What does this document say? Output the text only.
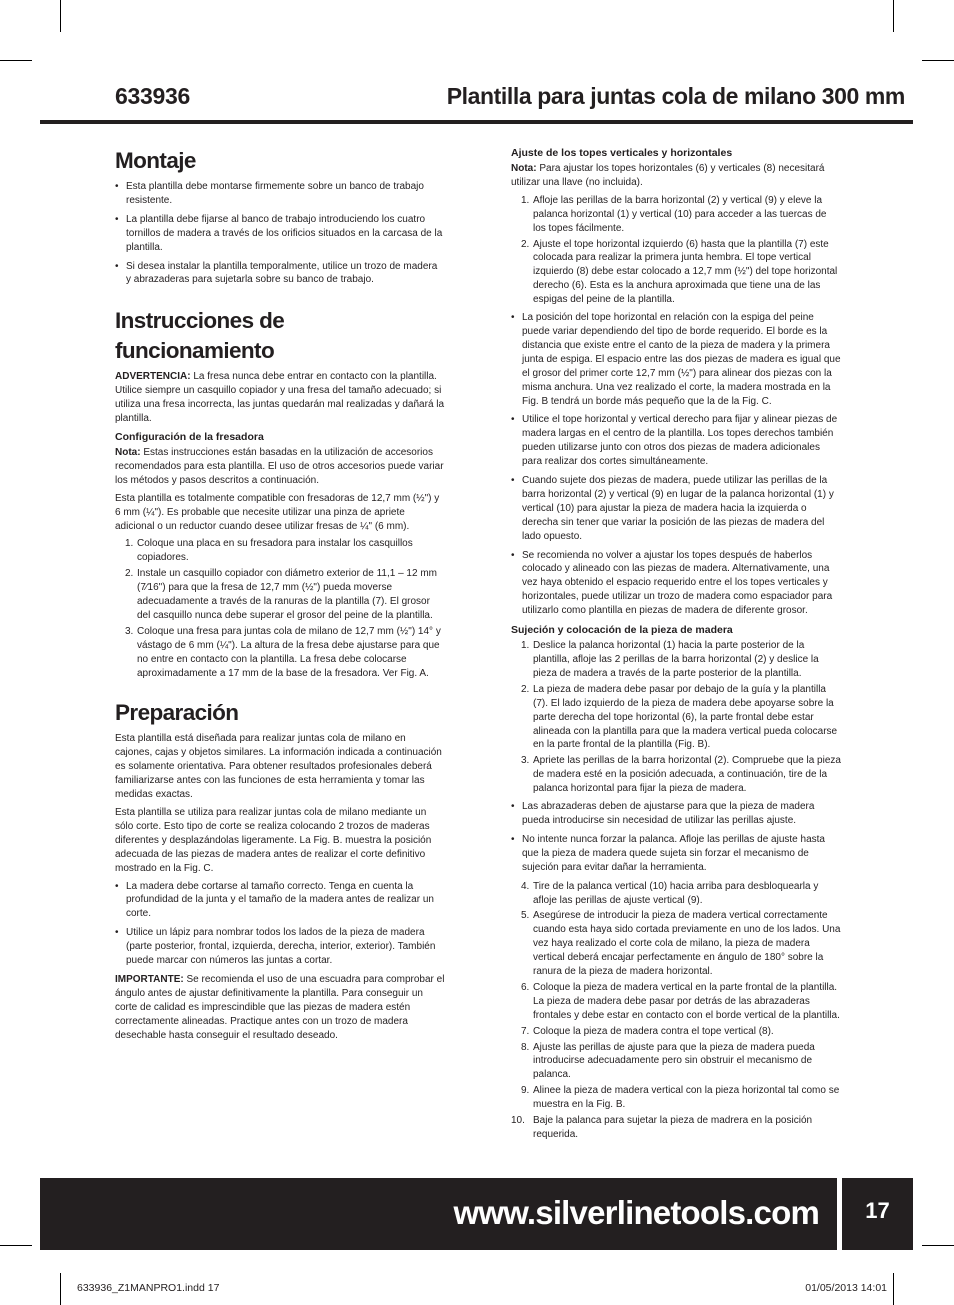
633936	Plantilla para juntas cola de milano 300 mm
Montaje
• Esta plantilla debe montarse firmemente sobre un banco de trabajo resistente.
• La plantilla debe fijarse al banco de trabajo introduciendo los cuatro tornillos de madera a través de los orificios situados en la carcasa de la plantilla.
• Si desea instalar la plantilla temporalmente, utilice un trozo de madera y abrazaderas para sujetarla sobre su banco de trabajo.
Instrucciones de funcionamiento

ADVERTENCIA: La fresa nunca debe entrar en contacto con la plantilla. Utilice siempre un casquillo copiador y una fresa del tamaño adecuado; si utiliza una fresa incorrecta, las juntas quedarán mal realizadas y dañará la plantilla.

Configuración de la fresadora

Nota: Estas instrucciones están basadas en la utilización de accesorios recomendados para esta plantilla. El uso de otros accesorios puede variar los métodos y pasos descritos a continuación.

Esta plantilla es totalmente compatible con fresadoras de 12,7 mm (½") y 6 mm (¼"). Es probable que necesite utilizar una pinza de apriete adicional o un reductor cuando desee utilizar fresas de ¼" (6 mm).

1. Coloque una placa en su fresadora para instalar los casquillos copiadores.
2. Instale un casquillo copiador con diámetro exterior de 11,1 – 12 mm (7⁄16") para que la fresa de 12,7 mm (½") pueda moverse adecuadamente a través de la ranuras de la plantilla (7). El grosor del casquillo nunca debe superar el grosor del peine de la plantilla.
3. Coloque una fresa para juntas cola de milano de 12,7 mm (½") 14° y vástago de 6 mm (¼"). La altura de la fresa debe ajustarse para que no entre en contacto con la plantilla. La fresa debe colocarse aproximadamente a 17 mm de la base de la fresadora. Ver Fig. A.
Preparación

Esta plantilla está diseñada para realizar juntas cola de milano en cajones, cajas y objetos similares. La información indicada a continuación es solamente orientativa. Para obtener resultados profesionales deberá familiarizarse antes con las funciones de esta herramienta y tomar las medidas exactas.

Esta plantilla se utiliza para realizar juntas cola de milano mediante un sólo corte. Esto tipo de corte se realiza colocando 2 trozos de maderas diferentes y desplazándolas ligeramente. La Fig. B. muestra la posición adecuada de las piezas de madera antes de realizar el corte definitivo mostrado en la Fig. C.

• La madera debe cortarse al tamaño correcto. Tenga en cuenta la profundidad de la junta y el tamaño de la madera antes de realizar un corte.
• Utilice un lápiz para nombrar todos los lados de la pieza de madera (parte posterior, frontal, izquierda, derecha, interior, exterior). También puede marcar con números las juntas a cortar.

IMPORTANTE: Se recomienda el uso de una escuadra para comprobar el ángulo antes de ajustar definitivamente la plantilla. Para conseguir un corte de calidad es imprescindible que las piezas de madera estén correctamente alineadas. Practique antes con un trozo de madera desechable hasta conseguir el resultado deseado.

Ajuste de los topes verticales y horizontales

Nota: Para ajustar los topes horizontales (6) y verticales (8) necesitará utilizar una llave (no incluida).

1. Afloje las perillas de la barra horizontal (2) y vertical (9) y eleve la palanca horizontal (1) y vertical (10) para acceder a las tuercas de los topes fácilmente.
2. Ajuste el tope horizontal izquierdo (6) hasta que la plantilla (7) este colocada para realizar la primera junta hembra. El tope vertical izquierdo (8) debe estar colocado a 12,7 mm (½") del tope horizontal derecho (6). Esta es la anchura aproximada que tiene una de las espigas del peine de la plantilla.
• La posición del tope horizontal en relación con la espiga del peine puede variar dependiendo del tipo de borde requerido. El borde es la distancia que existe entre el canto de la pieza de madera y la primera junta de espiga. El espacio entre las dos piezas de madera es igual que el grosor del primer corte 12,7 mm (½") para alinear dos piezas con la misma anchura. Una vez realizado el corte, la madera mostrada en la Fig. B tendrá un borde más pequeño que la de la Fig. C.
• Utilice el tope horizontal y vertical derecho para fijar y alinear piezas de madera largas en el centro de la plantilla. Los topes derechos también pueden utilizarse junto con otros dos piezas de madera adicionales para realizar dos cortes simultáneamente.
• Cuando sujete dos piezas de madera, puede utilizar las perillas de la barra horizontal (2) y vertical (9) en lugar de la palanca horizontal (1) y vertical (10) para ajustar la pieza de madera hacia la izquierda o derecha sin tener que variar la posición de las piezas de madera del lado opuesto.
• Se recomienda no volver a ajustar los topes después de haberlos colocado y alineado con las piezas de madera. Alternativamente, una vez haya obtenido el espacio requerido entre el los topes verticales y horizontales, puede utilizar un trozo de madera como espaciador para utilizarlo como plantilla en piezas de madera de diferente grosor.
Sujeción y colocación de la pieza de madera
1. Deslice la palanca horizontal (1) hacia la parte posterior de la plantilla, afloje las 2 perillas de la barra horizontal (2) y deslice la pieza de madera a través de la parte posterior de la plantilla.
2. La pieza de madera debe pasar por debajo de la guía y la plantilla (7). El lado izquierdo de la pieza de madera debe apoyarse sobre la parte derecha del tope horizontal (6), la parte frontal debe estar alineada con la plantilla para que la madera vertical pueda colocarse en la parte frontal de la plantilla (Fig. B).
3. Apriete las perillas de la barra horizontal (2). Compruebe que la pieza de madera esté en la posición adecuada, a continuación, tire de la palanca horizontal para fijar la pieza de madera.
• Las abrazaderas deben de ajustarse para que la pieza de madera pueda introducirse sin necesidad de utilizar las perillas ajuste.
• No intente nunca forzar la palanca. Afloje las perillas de ajuste hasta que la pieza de madera quede sujeta sin forzar el mecanismo de sujeción para evitar dañar la herramienta.
4. Tire de la palanca vertical (10) hacia arriba para desbloquearla y afloje las perillas de ajuste vertical (9).
5. Asegúrese de introducir la pieza de madera vertical correctamente cuando esta haya sido cortada previamente en uno de los lados. Una vez haya realizado el corte cola de milano, la pieza de madera vertical deberá encajar perfectamente en ángulo de 180° sobre la ranura de la pieza de madera horizontal.
6. Coloque la pieza de madera vertical en la parte frontal de la plantilla. La pieza de madera debe pasar por detrás de las abrazaderas frontales y debe estar en contacto con el borde vertical de la plantilla.
7. Coloque la pieza de madera contra el tope vertical (8).
8. Ajuste las perillas de ajuste para que la pieza de madera pueda introducirse adecuadamente pero sin obstruir el mecanismo de palanca.
9. Alinee la pieza de madera vertical con la pieza horizontal tal como se muestra en la Fig. B.
10. Baje la palanca para sujetar la pieza de madrera en la posición requerida.
www.silverlinetools.com	17
633936_Z1MANPRO1.indd 17	01/05/2013 14:01
